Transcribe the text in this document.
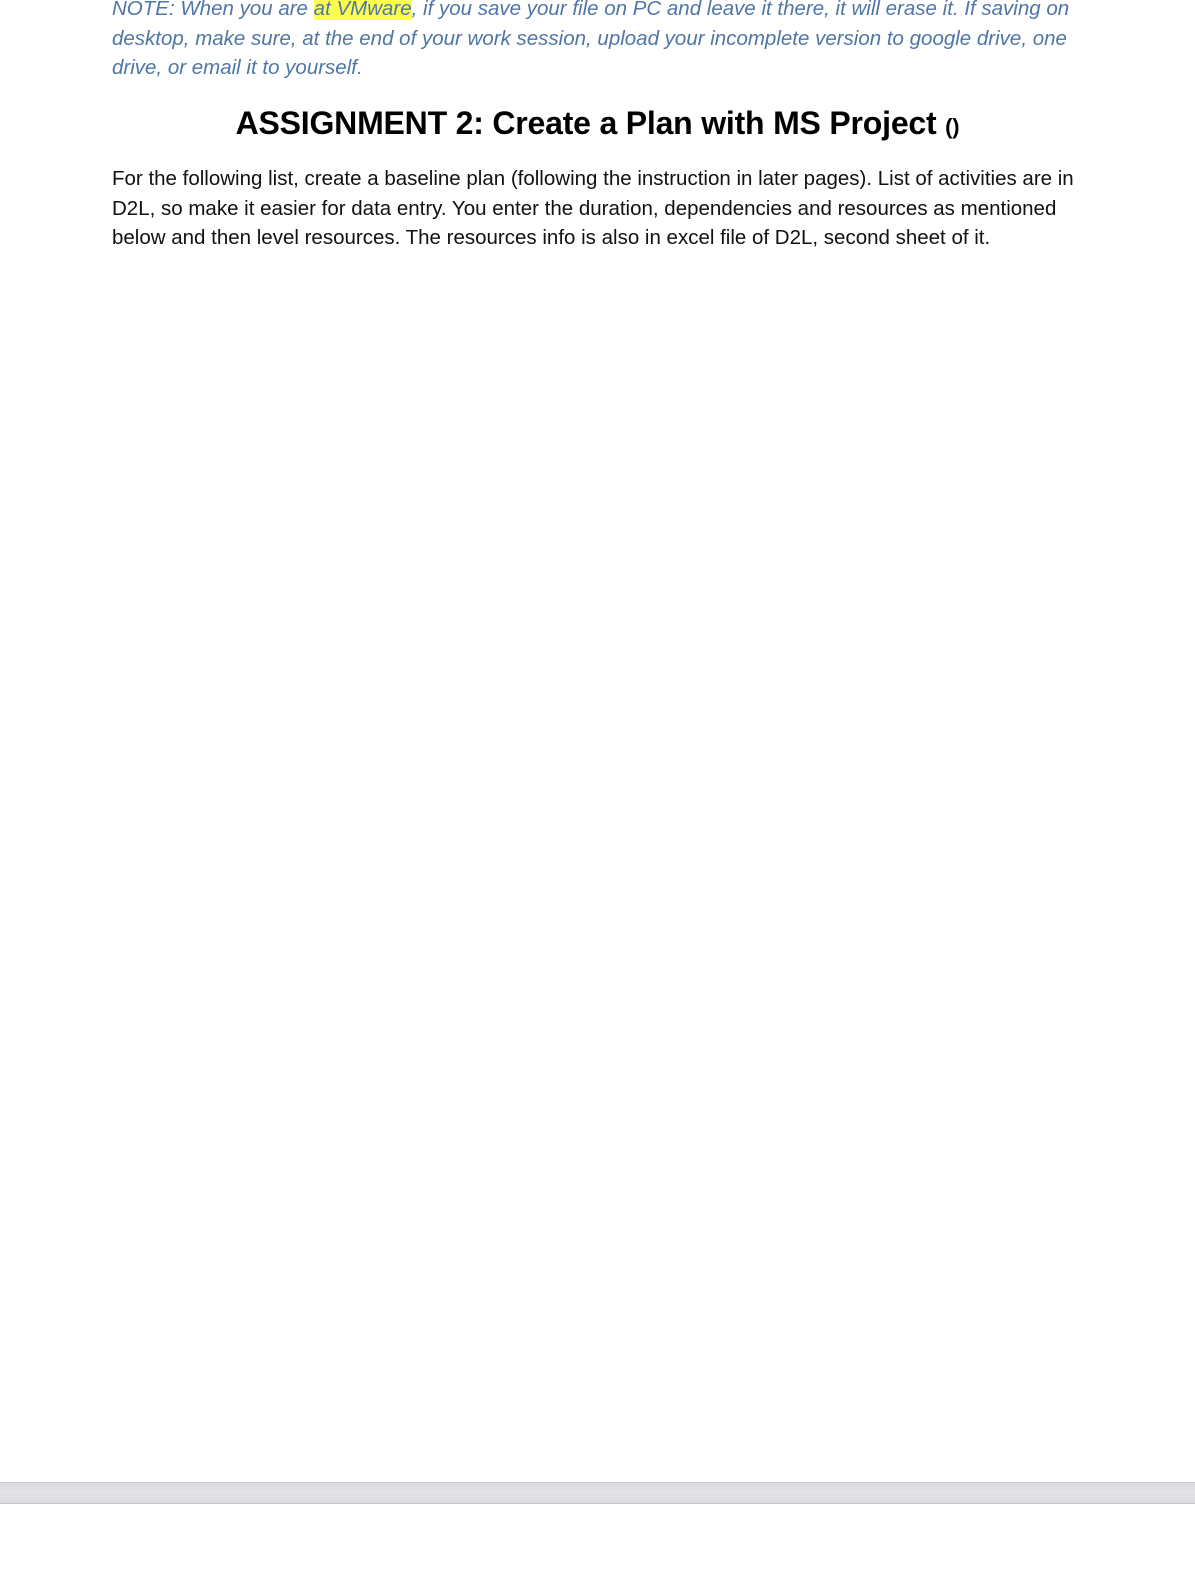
NOTE: When you are at VMware, if you save your file on PC and leave it there, it will erase it. If saving on desktop, make sure, at the end of your work session, upload your incomplete version to google drive, one drive, or email it to yourself.

ASSIGNMENT 2: Create a Plan with MS Project ()

For the following list, create a baseline plan (following the instruction in later pages). List of activities are in D2L, so make it easier for data entry. You enter the duration, dependencies and resources as mentioned below and then level resources. The resources info is also in excel file of D2L, second sheet of it.
